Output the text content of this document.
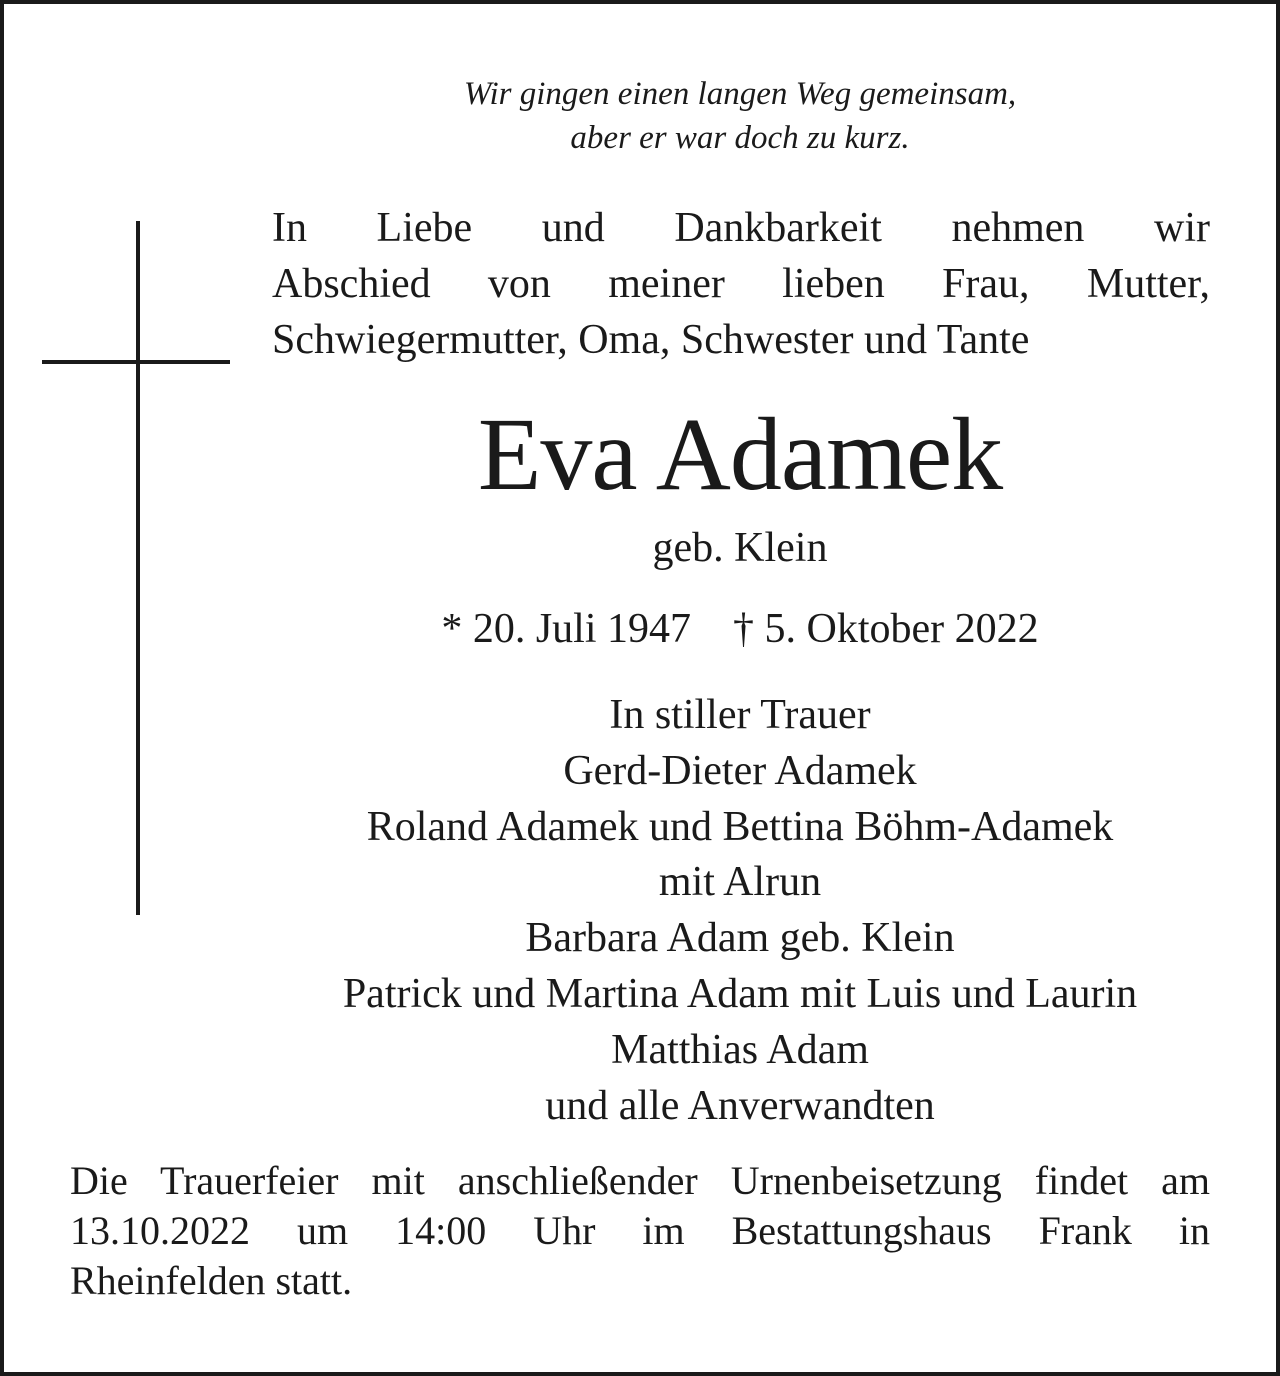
Wir gingen einen langen Weg gemeinsam,

aber er war doch zu kurz.

In Liebe und Dankbarkeit nehmen wir
Abschied von meiner lieben Frau, Mutter,
Schwiegermutter, Oma, Schwester und Tante

Eva Adamek

geb. Klein

* 20. Juli 1947 † 5. Oktober 2022

In stiller Trauer
Gerd-Dieter Adamek
Roland Adamek und Bettina Böhm-Adamek
mit Alrun
Barbara Adam geb. Klein
Patrick und Martina Adam mit Luis und Laurin
Matthias Adam
und alle Anverwandten

Die Trauerfeier mit anschließender Urnenbeisetzung findet am
13.10.2022 um 14:00 Uhr im Bestattungshaus Frank in
Rheinfelden statt.
